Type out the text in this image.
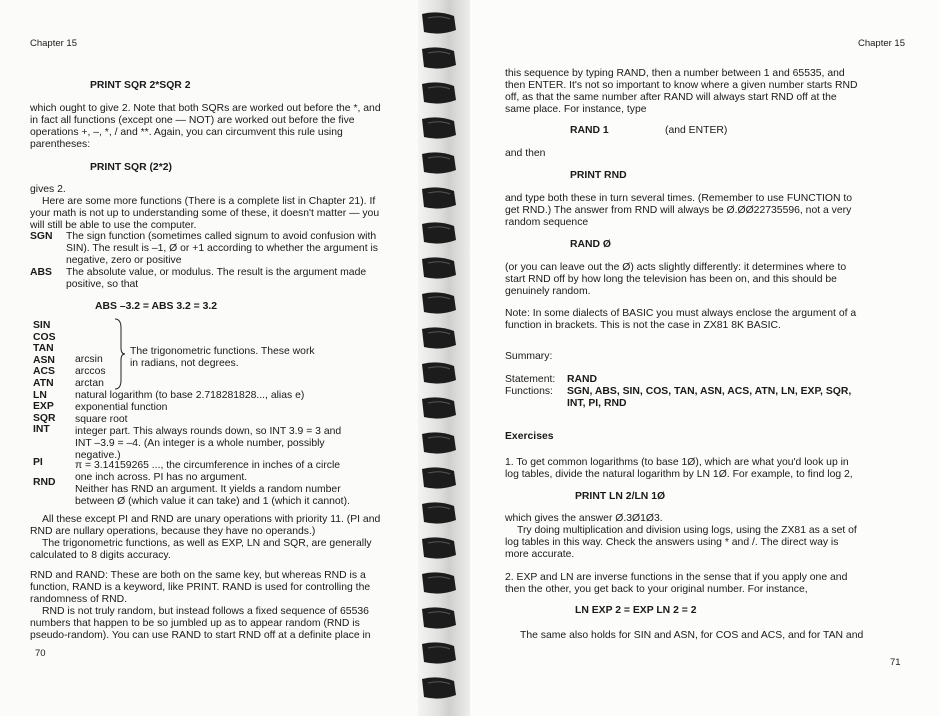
Chapter 15
PRINT SQR 2*SQR 2
which ought to give 2. Note that both SQRs are worked out before the *, and
in fact all functions (except one — NOT) are worked out before the five
operations +, –, *, / and **. Again, you can circumvent this rule using
parentheses:
PRINT SQR (2*2)
gives 2.
Here are some more functions (There is a complete list in Chapter 21). If
your math is not up to understanding some of these, it doesn't matter — you
will still be able to use the computer.
SGN The sign function (sometimes called signum to avoid confusion with
SIN). The result is –1, Ø or +1 according to whether the argument is
negative, zero or positive
ABS The absolute value, or modulus. The result is the argument made
positive, so that
ABS –3.2 = ABS 3.2 = 3.2
SIN
COS
TAN
ASN
ACS
ATN
LN
EXP
SQR
INT
arcsin
arccos
arctan
The trigonometric functions. These work
in radians, not degrees.
natural logarithm (to base 2.718281828..., alias e)
exponential function
square root
integer part. This always rounds down, so INT 3.9 = 3 and
INT –3.9 = –4. (An integer is a whole number, possibly
negative.)
PI	π = 3.14159265 ..., the circumference in inches of a circle
one inch across. PI has no argument.
RND
Neither has RND an argument. It yields a random number
between Ø (which value it can take) and 1 (which it cannot).
All these except PI and RND are unary operations with priority 11. (PI and
RND are nullary operations, because they have no operands.)
The trigonometric functions, as well as EXP, LN and SQR, are generally
calculated to 8 digits accuracy.
RND and RAND: These are both on the same key, but whereas RND is a
function, RAND is a keyword, like PRINT. RAND is used for controlling the
randomness of RND.
RND is not truly random, but instead follows a fixed sequence of 65536
numbers that happen to be so jumbled up as to appear random (RND is
pseudo-random). You can use RAND to start RND off at a definite place in
70
Chapter 15
this sequence by typing RAND, then a number between 1 and 65535, and
then ENTER. It's not so important to know where a given number starts RND
off, as that the same number after RAND will always start RND off at the
same place. For instance, type
RAND 1	(and ENTER)
and then
PRINT RND
and type both these in turn several times. (Remember to use FUNCTION to
get RND.) The answer from RND will always be Ø.ØØ22735596, not a very
random sequence
RAND Ø
(or you can leave out the Ø) acts slightly differently: it determines where to
start RND off by how long the television has been on, and this should be
genuinely random.
Note: In some dialects of BASIC you must always enclose the argument of a
function in brackets. This is not the case in ZX81 8K BASIC.
Summary:
Statement: RAND
Functions: SGN, ABS, SIN, COS, TAN, ASN, ACS, ATN, LN, EXP, SQR,
INT, PI, RND
Exercises
1. To get common logarithms (to base 1Ø), which are what you'd look up in
log tables, divide the natural logarithm by LN 1Ø. For example, to find log 2,
PRINT LN 2/LN 1Ø
which gives the answer Ø.3Ø1Ø3.
Try doing multiplication and division using logs, using the ZX81 as a set of
log tables in this way. Check the answers using * and /. The direct way is
more accurate.
2. EXP and LN are inverse functions in the sense that if you apply one and
then the other, you get back to your original number. For instance,
LN EXP 2 = EXP LN 2 = 2
The same also holds for SIN and ASN, for COS and ACS, and for TAN and
71
